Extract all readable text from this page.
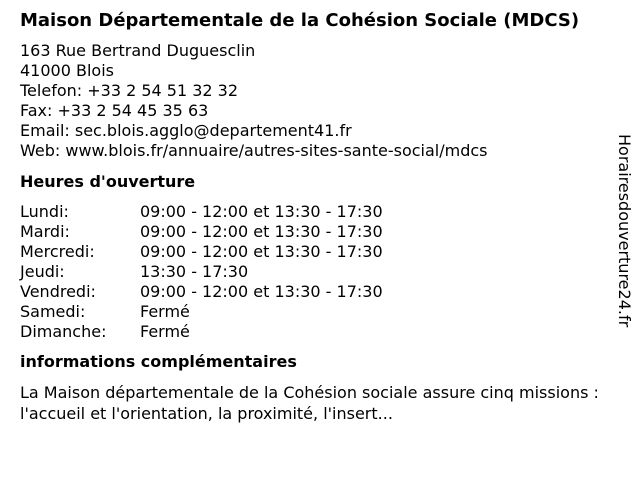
Maison Départementale de la Cohésion Sociale (MDCS)
163 Rue Bertrand Duguesclin
41000 Blois
Telefon: +33 2 54 51 32 32
Fax: +33 2 54 45 35 63
Email: sec.blois.agglo@departement41.fr
Web: www.blois.fr/annuaire/autres-sites-sante-social/mdcs
Heures d'ouverture
Lundi:	09:00 - 12:00 et 13:30 - 17:30
Mardi:	09:00 - 12:00 et 13:30 - 17:30
Mercredi:	09:00 - 12:00 et 13:30 - 17:30
Jeudi:	13:30 - 17:30
Vendredi:	09:00 - 12:00 et 13:30 - 17:30
Samedi:	Fermé
Dimanche:	Fermé
informations complémentaires
La Maison départementale de la Cohésion sociale assure cinq missions : l'accueil et l'orientation, la proximité, l'insert...
Horairesdouverture24.fr
